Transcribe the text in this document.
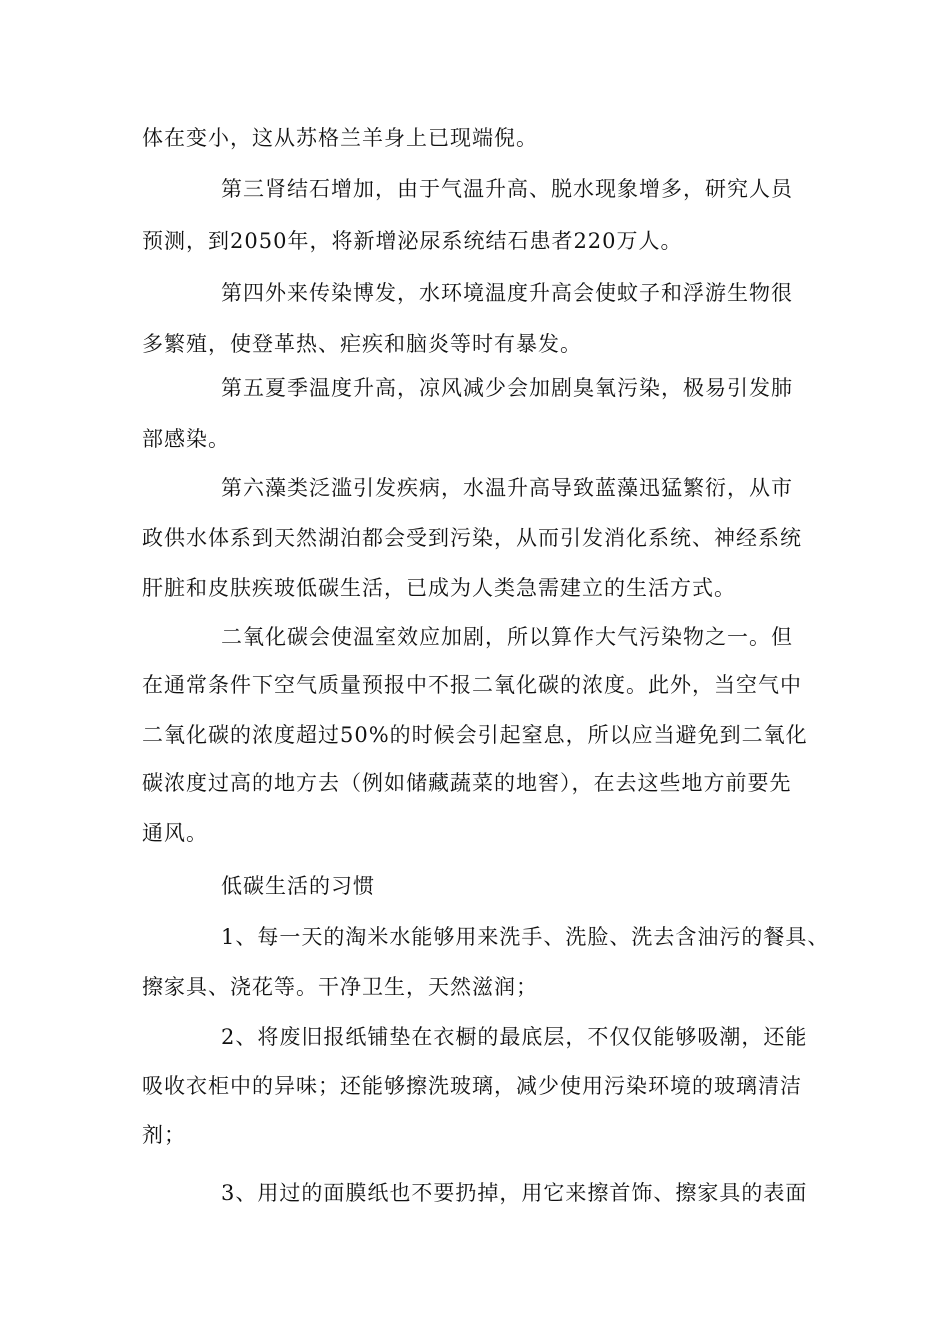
体在变小，这从苏格兰羊身上已现端倪。
第三肾结石增加，由于气温升高、脱水现象增多，研究人员
预测，到2050年，将新增泌尿系统结石患者220万人。
第四外来传染博发，水环境温度升高会使蚊子和浮游生物很
多繁殖，使登革热、疟疾和脑炎等时有暴发。
第五夏季温度升高，凉风减少会加剧臭氧污染，极易引发肺
部感染。
第六藻类泛滥引发疾病，水温升高导致蓝藻迅猛繁衍，从市
政供水体系到天然湖泊都会受到污染，从而引发消化系统、神经系统
肝脏和皮肤疾玻低碳生活，已成为人类急需建立的生活方式。
二氧化碳会使温室效应加剧，所以算作大气污染物之一。但
在通常条件下空气质量预报中不报二氧化碳的浓度。此外，当空气中
二氧化碳的浓度超过50%的时候会引起窒息，所以应当避免到二氧化
碳浓度过高的地方去（例如储藏蔬菜的地窖），在去这些地方前要先
通风。
低碳生活的习惯
1、每一天的淘米水能够用来洗手、洗脸、洗去含油污的餐具、
擦家具、浇花等。干净卫生，天然滋润；
2、将废旧报纸铺垫在衣橱的最底层，不仅仅能够吸潮，还能
吸收衣柜中的异味；还能够擦洗玻璃，减少使用污染环境的玻璃清洁
剂；
3、用过的面膜纸也不要扔掉，用它来擦首饰、擦家具的表面
